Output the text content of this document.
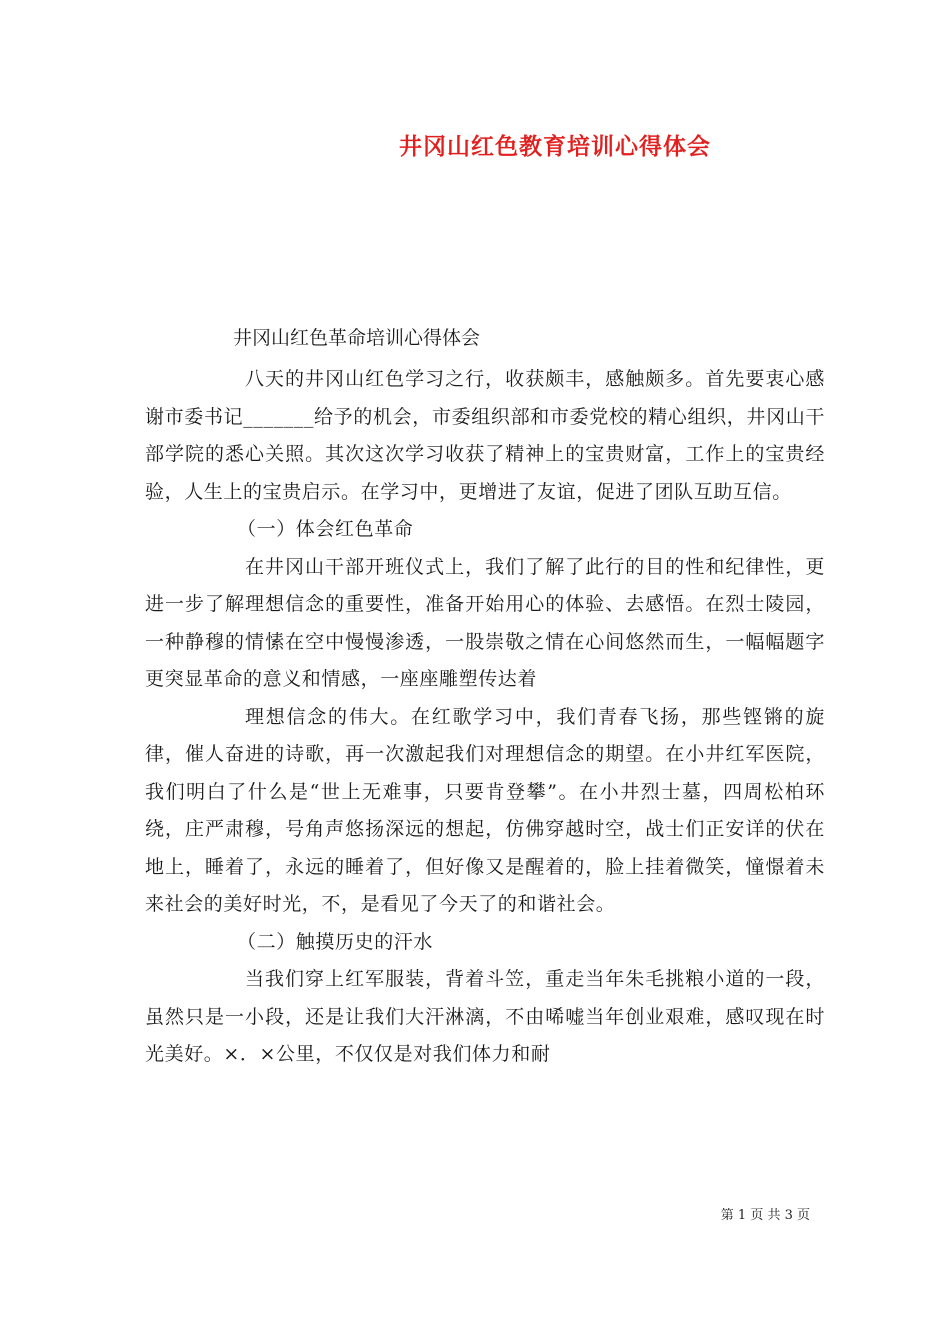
井冈山红色教育培训心得体会

井冈山红色革命培训心得体会

八天的井冈山红色学习之行，收获颇丰，感触颇多。首先要衷心感谢市委书记_______给予的机会，市委组织部和市委党校的精心组织，井冈山干部学院的悉心关照。其次这次学习收获了精神上的宝贵财富，工作上的宝贵经验，人生上的宝贵启示。在学习中，更增进了友谊，促进了团队互助互信。

（一）体会红色革命

在井冈山干部开班仪式上，我们了解了此行的目的性和纪律性，更进一步了解理想信念的重要性，准备开始用心的体验、去感悟。在烈士陵园，一种静穆的情愫在空中慢慢渗透，一股崇敬之情在心间悠然而生，一幅幅题字更突显革命的意义和情感，一座座雕塑传达着

理想信念的伟大。在红歌学习中，我们青春飞扬，那些铿锵的旋律，催人奋进的诗歌，再一次激起我们对理想信念的期望。在小井红军医院，我们明白了什么是“世上无难事，只要肯登攀”。在小井烈士墓，四周松柏环绕，庄严肃穆，号角声悠扬深远的想起，仿佛穿越时空，战士们正安详的伏在地上，睡着了，永远的睡着了，但好像又是醒着的，脸上挂着微笑，憧憬着未来社会的美好时光，不，是看见了今天了的和谐社会。

（二）触摸历史的汗水

当我们穿上红军服装，背着斗笠，重走当年朱毛挑粮小道的一段，虽然只是一小段，还是让我们大汗淋漓，不由唏嘘当年创业艰难，感叹现在时光美好。×．×公里，不仅仅是对我们体力和耐

第 1 页 共 3 页
